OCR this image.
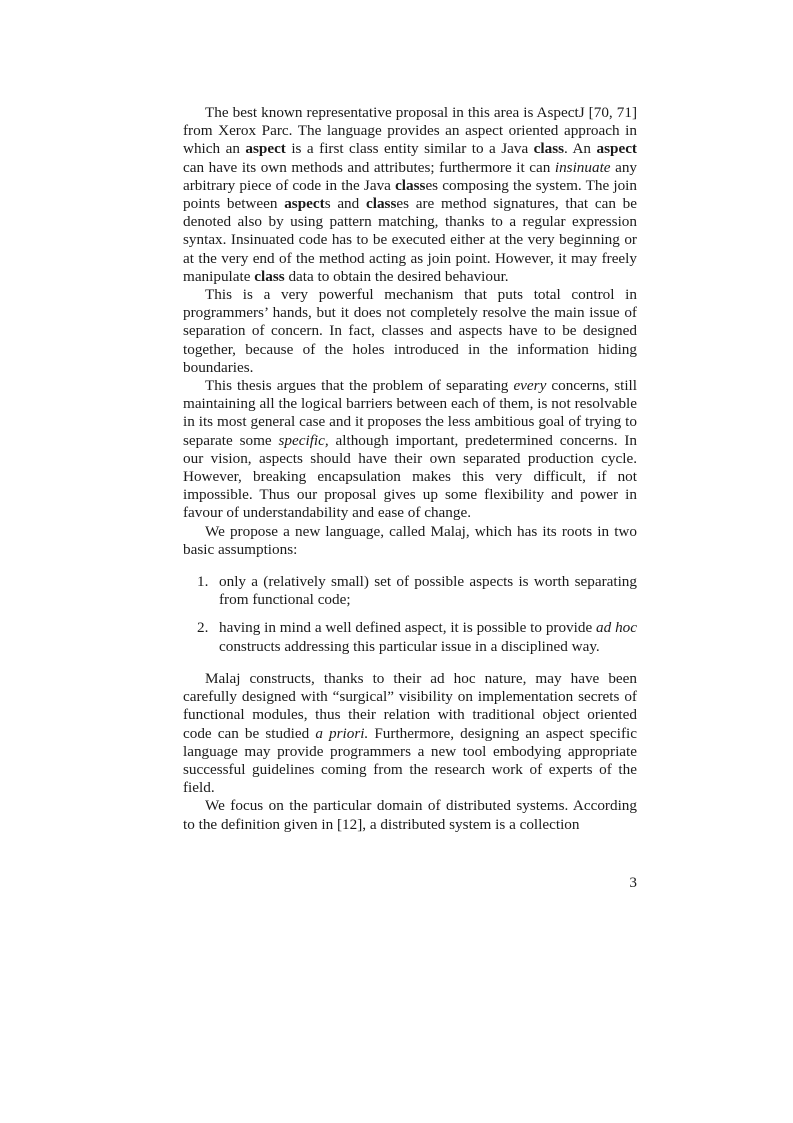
The best known representative proposal in this area is AspectJ [70, 71] from Xerox Parc. The language provides an aspect oriented approach in which an aspect is a first class entity similar to a Java class. An aspect can have its own methods and attributes; furthermore it can insinuate any arbitrary piece of code in the Java classes composing the system. The join points between aspects and classes are method signatures, that can be denoted also by using pattern matching, thanks to a regular expression syntax. Insinuated code has to be executed either at the very beginning or at the very end of the method acting as join point. However, it may freely manipulate class data to obtain the desired behaviour.

This is a very powerful mechanism that puts total control in programmers’ hands, but it does not completely resolve the main issue of separation of concern. In fact, classes and aspects have to be designed together, because of the holes introduced in the information hiding boundaries.

This thesis argues that the problem of separating every concerns, still maintaining all the logical barriers between each of them, is not resolvable in its most general case and it proposes the less ambitious goal of trying to separate some specific, although important, predetermined concerns. In our vision, aspects should have their own separated production cycle. However, breaking encapsulation makes this very difficult, if not impossible. Thus our proposal gives up some flexibility and power in favour of understandability and ease of change.

We propose a new language, called Malaj, which has its roots in two basic assumptions:

1. only a (relatively small) set of possible aspects is worth separating from functional code;
2. having in mind a well defined aspect, it is possible to provide ad hoc constructs addressing this particular issue in a disciplined way.

Malaj constructs, thanks to their ad hoc nature, may have been carefully designed with “surgical” visibility on implementation secrets of functional modules, thus their relation with traditional object oriented code can be studied a priori. Furthermore, designing an aspect specific language may provide programmers a new tool embodying appropriate successful guidelines coming from the research work of experts of the field.

We focus on the particular domain of distributed systems. According to the definition given in [12], a distributed system is a collection

3
